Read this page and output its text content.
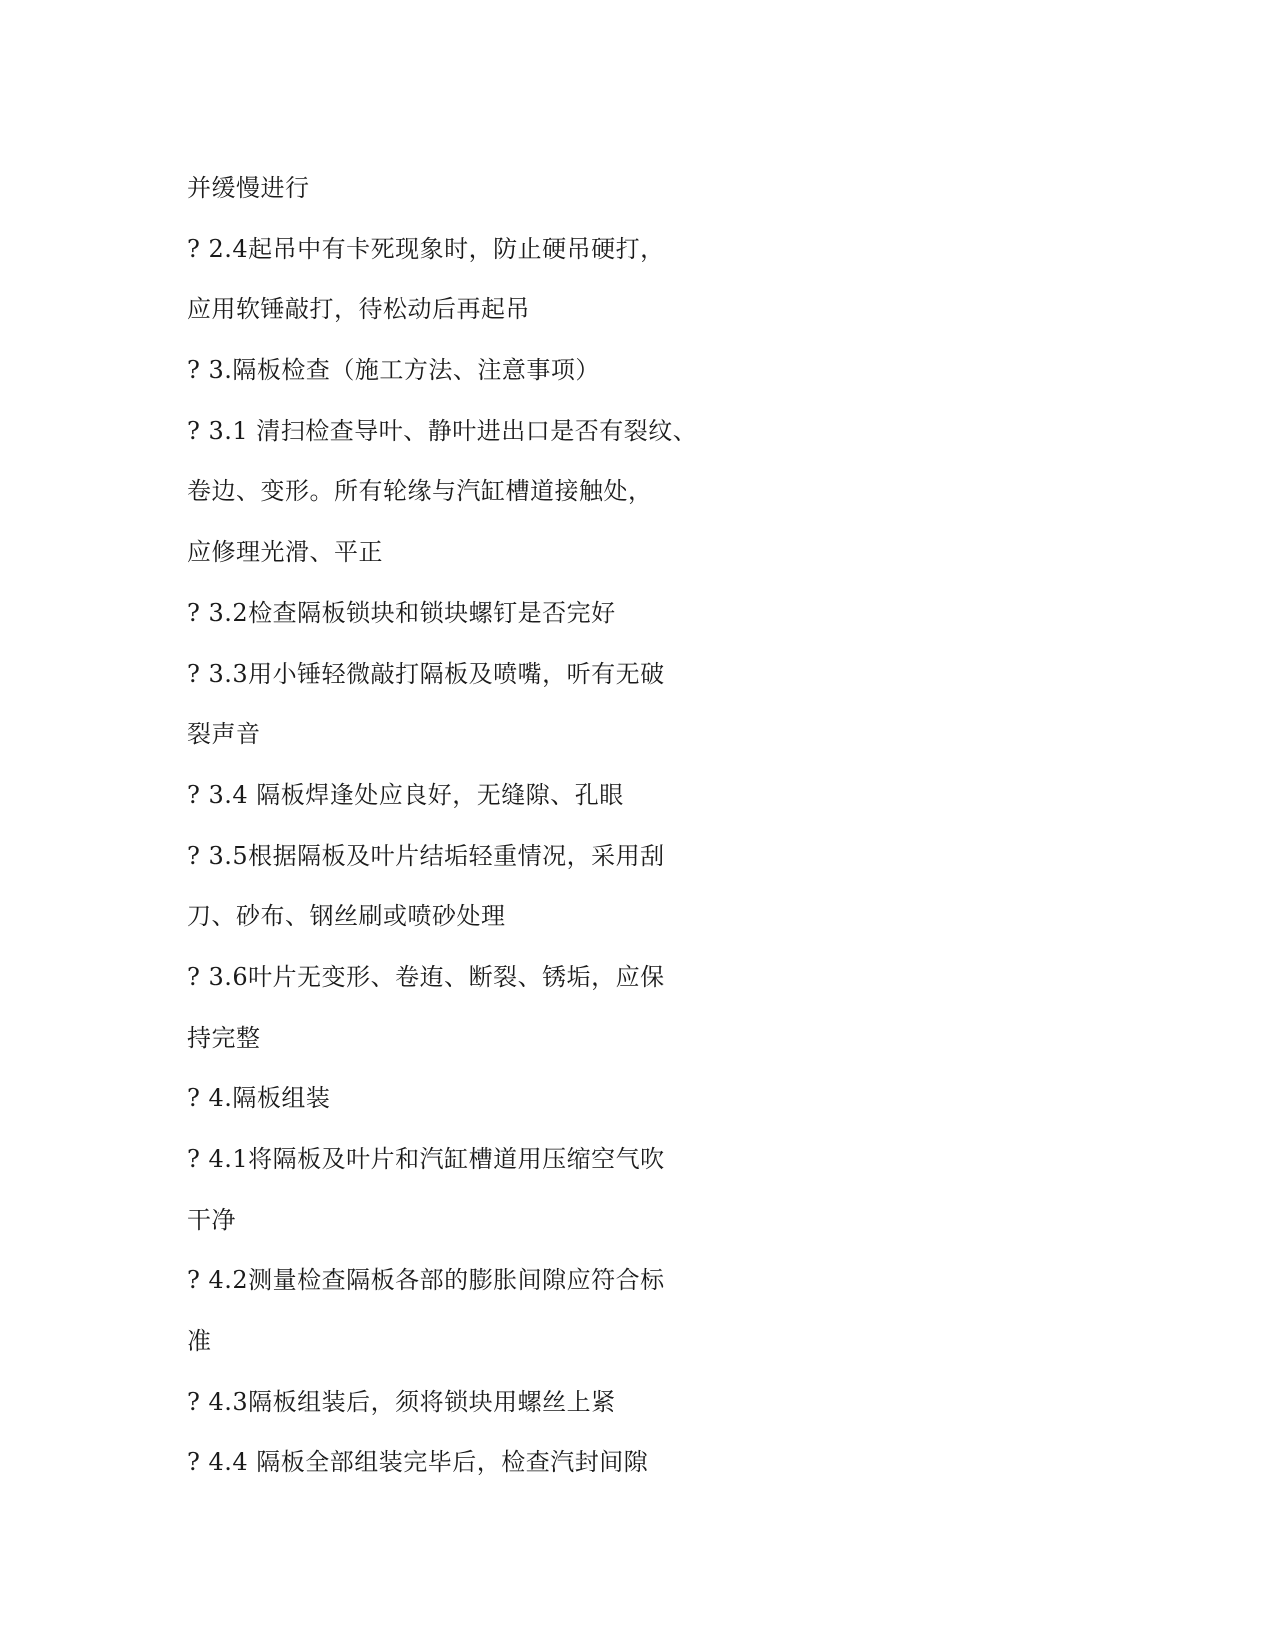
并缓慢进行
? 2.4起吊中有卡死现象时，防止硬吊硬打，
应用软锤敲打，待松动后再起吊
? 3.隔板检查（施工方法、注意事项）
? 3.1 清扫检查导叶、静叶进出口是否有裂纹、
卷边、变形。所有轮缘与汽缸槽道接触处，
应修理光滑、平正
? 3.2检查隔板锁块和锁块螺钉是否完好
? 3.3用小锤轻微敲打隔板及喷嘴，听有无破
裂声音
? 3.4 隔板焊逢处应良好，无缝隙、孔眼
? 3.5根据隔板及叶片结垢轻重情况，采用刮
刀、砂布、钢丝刷或喷砂处理
? 3.6叶片无变形、卷迶、断裂、锈垢，应保
持完整
? 4.隔板组装
? 4.1将隔板及叶片和汽缸槽道用压缩空气吹
干净
? 4.2测量检查隔板各部的膨胀间隙应符合标
准
? 4.3隔板组装后，须将锁块用螺丝上紧
? 4.4 隔板全部组装完毕后，检查汽封间隙
